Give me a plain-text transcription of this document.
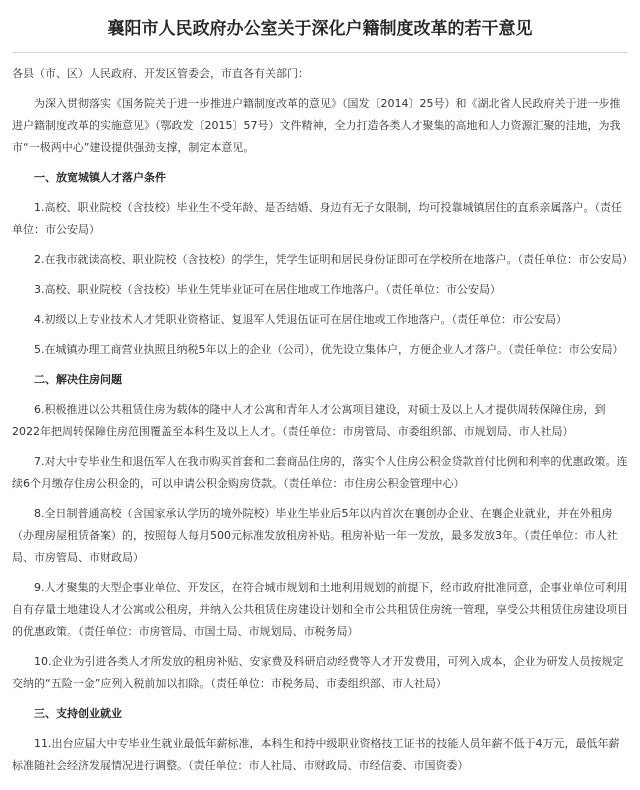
襄阳市人民政府办公室关于深化户籍制度改革的若干意见

各县（市、区）人民政府、开发区管委会，市直各有关部门：

为深入贯彻落实《国务院关于进一步推进户籍制度改革的意见》（国发〔2014〕25号）和《湖北省人民政府关于进一步推进户籍制度改革的实施意见》（鄂政发〔2015〕57号）文件精神，全力打造各类人才聚集的高地和人力资源汇聚的洼地，为我市“一极两中心”建设提供强劲支撑，制定本意见。

一、放宽城镇人才落户条件

1.高校、职业院校（含技校）毕业生不受年龄、是否结婚、身边有无子女限制，均可投靠城镇居住的直系亲属落户。（责任单位：市公安局）

2.在我市就读高校、职业院校（含技校）的学生，凭学生证明和居民身份证即可在学校所在地落户。（责任单位：市公安局）

3.高校、职业院校（含技校）毕业生凭毕业证可在居住地或工作地落户。（责任单位：市公安局）

4.初级以上专业技术人才凭职业资格证、复退军人凭退伍证可在居住地或工作地落户。（责任单位：市公安局）

5.在城镇办理工商营业执照且纳税5年以上的企业（公司），优先设立集体户，方便企业人才落户。（责任单位：市公安局）

二、解决住房问题

6.积极推进以公共租赁住房为载体的隆中人才公寓和青年人才公寓项目建设，对硕士及以上人才提供周转保障住房，到2022年把周转保障住房范围覆盖至本科生及以上人才。（责任单位：市房管局、市委组织部、市规划局、市人社局）

7.对大中专毕业生和退伍军人在我市购买首套和二套商品住房的，落实个人住房公积金贷款首付比例和利率的优惠政策。连续6个月缴存住房公积金的，可以申请公积金购房贷款。（责任单位：市住房公积金管理中心）

8.全日制普通高校（含国家承认学历的境外院校）毕业生毕业后5年以内首次在襄创办企业、在襄企业就业，并在外租房（办理房屋租赁备案）的，按照每人每月500元标准发放租房补贴。租房补贴一年一发放，最多发放3年。（责任单位：市人社局、市房管局、市财政局）

9.人才聚集的大型企事业单位、开发区，在符合城市规划和土地利用规划的前提下，经市政府批准同意，企事业单位可利用自有存量土地建设人才公寓或公租房，并纳入公共租赁住房建设计划和全市公共租赁住房统一管理，享受公共租赁住房建设项目的优惠政策。（责任单位：市房管局、市国土局、市规划局、市税务局）

10.企业为引进各类人才所发放的租房补贴、安家费及科研启动经费等人才开发费用，可列入成本，企业为研发人员按规定交纳的“五险一金”应列入税前加以扣除。（责任单位：市税务局、市委组织部、市人社局）

三、支持创业就业

11.出台应届大中专毕业生就业最低年薪标准，本科生和持中级职业资格技工证书的技能人员年薪不低于4万元，最低年薪标准随社会经济发展情况进行调整。（责任单位：市人社局、市财政局、市经信委、市国资委）
